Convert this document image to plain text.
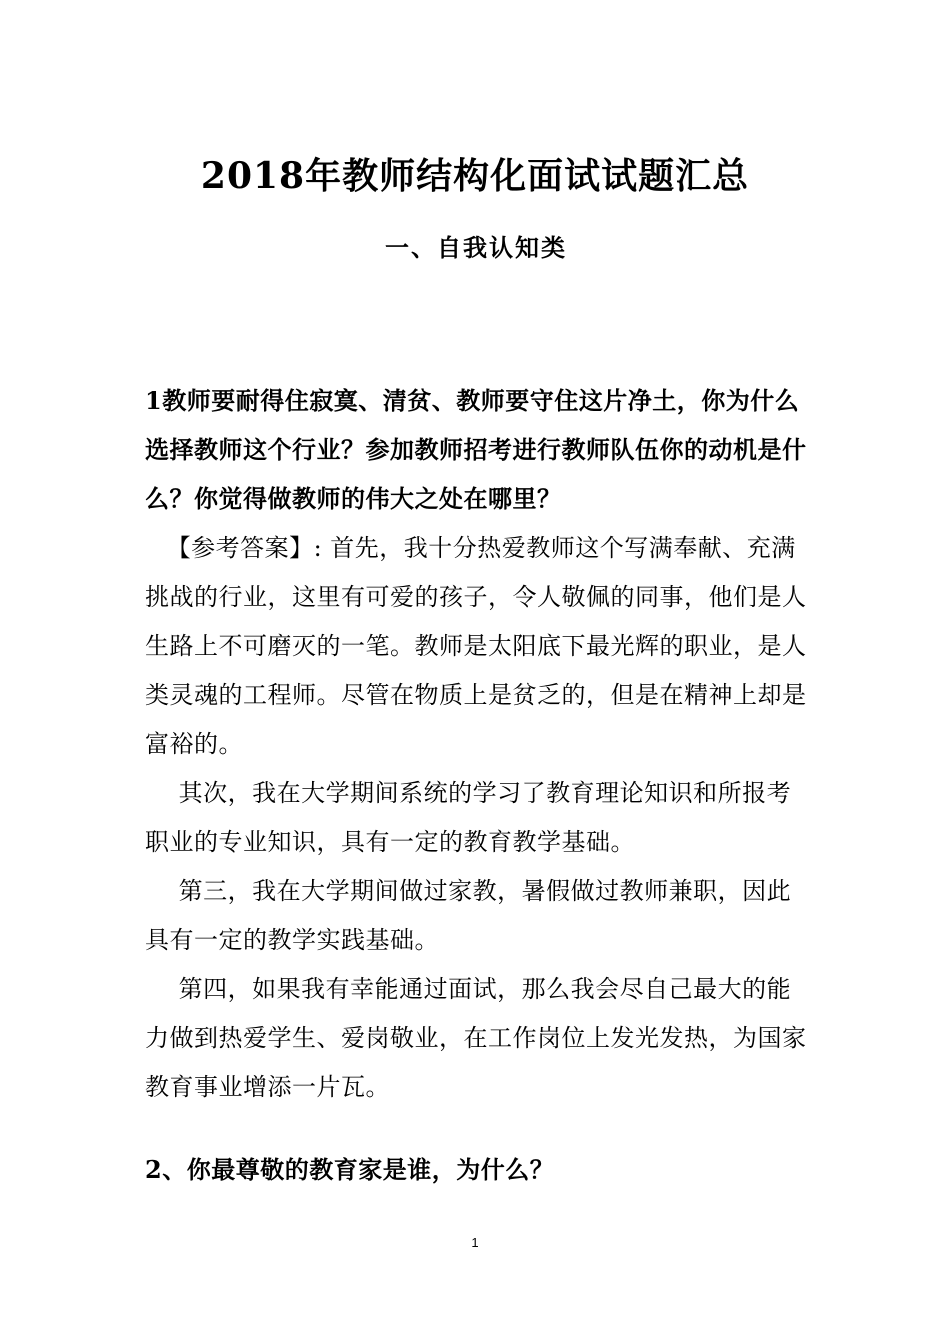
2018年教师结构化面试试题汇总
一、自我认知类

1教师要耐得住寂寞、清贫、教师要守住这片净土，你为什么选择教师这个行业？参加教师招考进行教师队伍你的动机是什么？你觉得做教师的伟大之处在哪里？

【参考答案】: 首先，我十分热爱教师这个写满奉献、充满挑战的行业，这里有可爱的孩子，令人敬佩的同事，他们是人生路上不可磨灭的一笔。教师是太阳底下最光辉的职业，是人类灵魂的工程师。尽管在物质上是贫乏的，但是在精神上却是富裕的。

其次，我在大学期间系统的学习了教育理论知识和所报考职业的专业知识，具有一定的教育教学基础。

第三，我在大学期间做过家教，暑假做过教师兼职，因此具有一定的教学实践基础。

第四，如果我有幸能通过面试，那么我会尽自己最大的能力做到热爱学生、爱岗敬业，在工作岗位上发光发热，为国家教育事业增添一片瓦。

2、你最尊敬的教育家是谁，为什么？

1
